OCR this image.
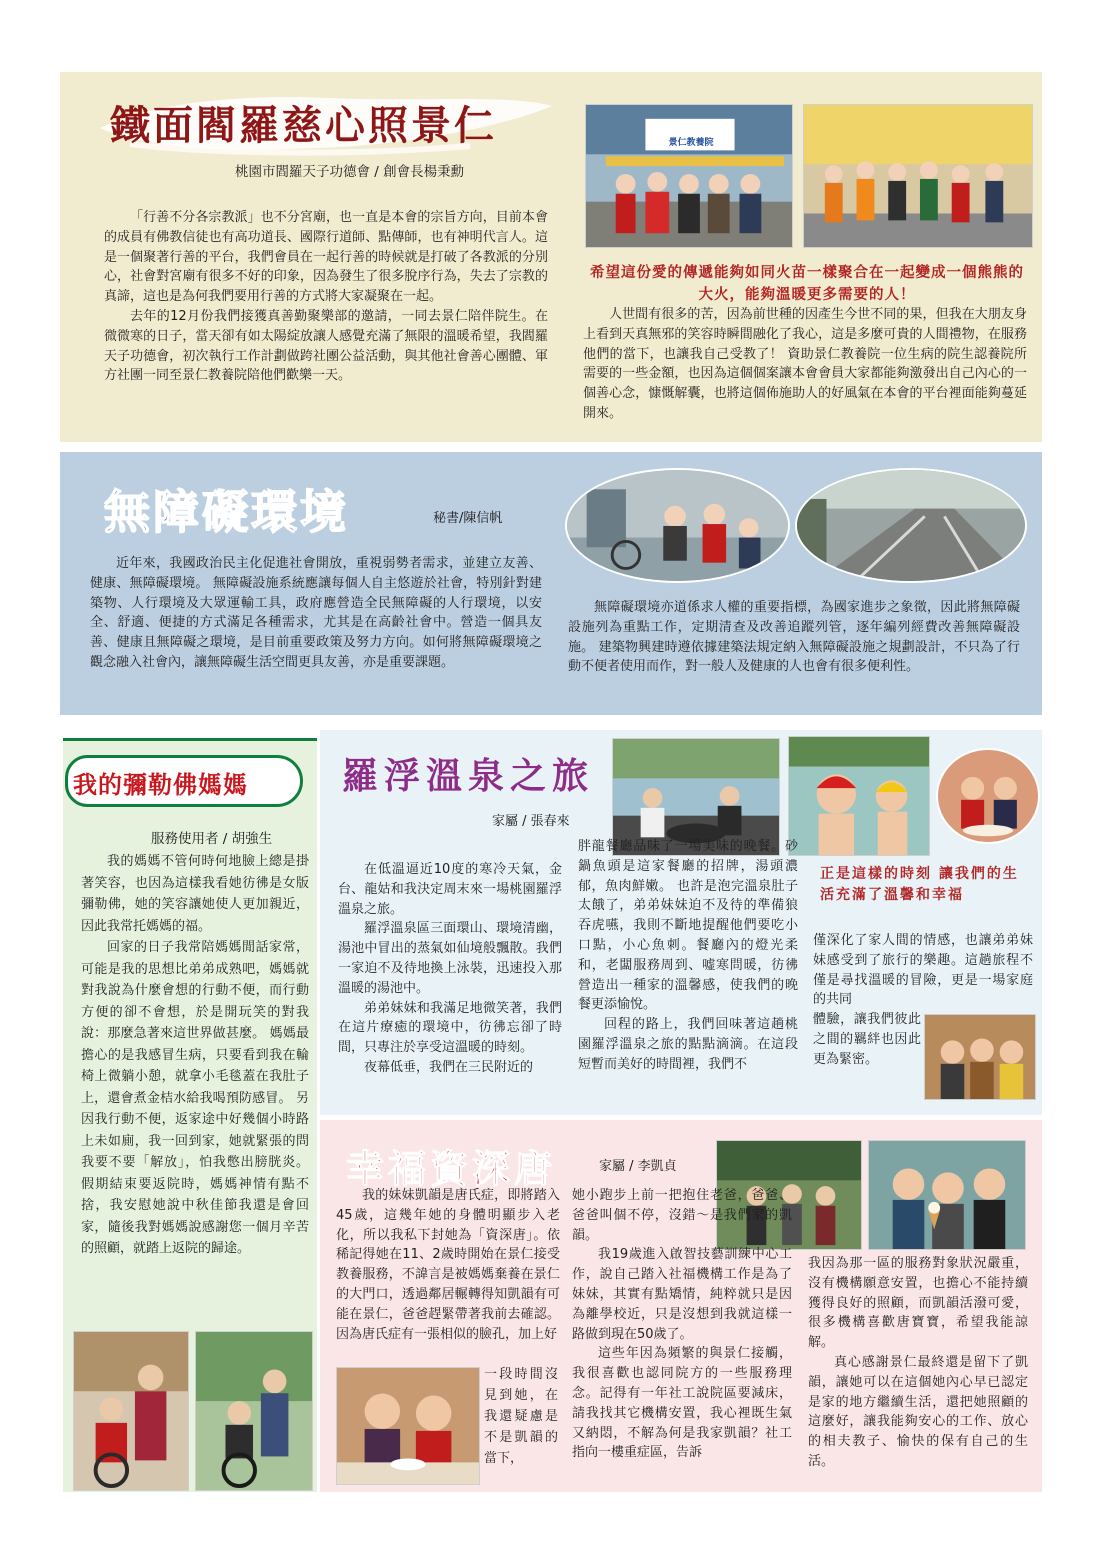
鐵面閻羅慈心照景仁
桃園市閻羅天子功德會 / 創會長楊秉勳

「行善不分各宗教派」也不分宮廟，也一直是本會的宗旨方向，目前本會的成員有佛教信徒也有高功道長、國際行道師、點傳師，也有神明代言人。這是一個聚著行善的平台，我們會員在一起行善的時候就是打破了各教派的分別心，社會對宮廟有很多不好的印象，因為發生了很多脫序行為，失去了宗教的真諦，這也是為何我們要用行善的方式將大家凝聚在一起。

去年的12月份我們接獲真善勤聚樂部的邀請，一同去景仁陪伴院生。在微微寒的日子，當天卻有如太陽綻放讓人感覺充滿了無限的溫暖希望，我閻羅天子功德會，初次執行工作計劃做跨社團公益活動，與其他社會善心團體、軍方社團一同至景仁教養院陪他們歡樂一天。

景仁教養院
希望這份愛的傳遞能夠如同火苗一樣聚合在一起變成一個熊熊的大火，能夠溫暖更多需要的人！

人世間有很多的苦，因為前世種的因產生今世不同的果，但我在大朋友身上看到天真無邪的笑容時瞬間融化了我心，這是多麼可貴的人間禮物，在服務他們的當下，也讓我自己受教了！ 資助景仁教養院一位生病的院生認養院所需要的一些金額，也因為這個個案讓本會會員大家都能夠激發出自己內心的一個善心念，慷慨解囊，也將這個佈施助人的好風氣在本會的平台裡面能夠蔓延開來。

無障礙環境	秘書/陳信帆

近年來，我國政治民主化促進社會開放，重視弱勢者需求，並建立友善、健康、無障礙環境。 無障礙設施系統應讓每個人自主悠遊於社會，特別針對建築物、人行環境及大眾運輸工具，政府應營造全民無障礙的人行環境，以安全、舒適、便捷的方式滿足各種需求，尤其是在高齡社會中。營造一個具友善、健康且無障礙之環境，是目前重要政策及努力方向。如何將無障礙環境之觀念融入社會內，讓無障礙生活空間更具友善，亦是重要課題。

無障礙環境亦道係求人權的重要指標，為國家進步之象徵，因此將無障礙設施列為重點工作，定期清查及改善追蹤列管，逐年編列經費改善無障礙設施。 建築物興建時遵依據建築法規定納入無障礙設施之規劃設計，不只為了行動不便者使用而作，對一般人及健康的人也會有很多便利性。

我的彌勒佛媽媽
服務使用者 / 胡強生

我的媽媽不管何時何地臉上總是掛著笑容，也因為這樣我看她彷彿是女版彌勒佛，她的笑容讓她使人更加親近，因此我常托媽媽的福。

回家的日子我常陪媽媽閒話家常，可能是我的思想比弟弟成熟吧，媽媽就對我說為什麼會想的行動不便，而行動方便的卻不會想，於是開玩笑的對我說：那麼急著來這世界做甚麼。 媽媽最擔心的是我感冒生病，只要看到我在輪椅上微躺小憩，就拿小毛毯蓋在我肚子上，還會煮金桔水給我喝預防感冒。 另因我行動不便，返家途中好幾個小時路上未如廁，我一回到家，她就緊張的問我要不要「解放」，怕我憋出膀胱炎。 假期結束要返院時，媽媽神情有點不捨，我安慰她說中秋佳節我還是會回家，隨後我對媽媽說感謝您一個月辛苦的照顧，就踏上返院的歸途。

羅浮溫泉之旅
家屬 / 張春來

在低溫逼近10度的寒冷天氣，金台、龍姑和我決定周末來一場桃園羅浮溫泉之旅。

羅浮溫泉區三面環山、環境清幽，湯池中冒出的蒸氣如仙境般飄散。我們一家迫不及待地換上泳裝，迅速投入那溫暖的湯池中。

弟弟妹妹和我滿足地微笑著，我們在這片療癒的環境中，彷彿忘卻了時間，只專注於享受這溫暖的時刻。

夜幕低垂，我們在三民附近的

胖龍餐廳品味了一場美味的晚餐。砂鍋魚頭是這家餐廳的招牌，湯頭濃郁，魚肉鮮嫩。 也許是泡完溫泉肚子太餓了，弟弟妹妹迫不及待的準備狼吞虎嚥，我則不斷地提醒他們要吃小口點，小心魚刺。餐廳內的燈光柔和，老闆服務周到、嘘寒問暖，彷彿營造出一種家的溫馨感，使我們的晚餐更添愉悅。

回程的路上，我們回味著這趟桃園羅浮溫泉之旅的點點滴滴。在這段短暫而美好的時間裡，我們不

正是這樣的時刻 讓我們的生活充滿了溫馨和幸福

僅深化了家人間的情感，也讓弟弟妹妹感受到了旅行的樂趣。這趟旅程不僅是尋找溫暖的冒險，更是一場家庭的共同

體驗，讓我們彼此之間的羈絆也因此更為緊密。

幸福資深唐	家屬 / 李凱貞

我的妹妹凱韻是唐氏症，即將踏入45歲，這幾年她的身體明顯步入老化，所以我私下封她為「資深唐」。依稀記得她在11、2歲時開始在景仁接受教養服務，不諱言是被媽媽棄養在景仁的大門口，透過鄰居輾轉得知凱韻有可能在景仁，爸爸趕緊帶著我前去確認。 因為唐氏症有一張相似的臉孔，加上好

一段時間沒見到她，在我還疑慮是不是凱韻的當下，

她小跑步上前一把抱住老爸，爸爸、爸爸叫個不停，沒錯～是我們家的凱韻。

我19歲進入啟智技藝訓練中心工作，說自己踏入社福機構工作是為了妹妹，其實有點矯情，純粹就只是因為離學校近，只是沒想到我就這樣一路做到現在50歲了。

這些年因為頻繁的與景仁接觸，我很喜歡也認同院方的一些服務理念。記得有一年社工說院區要減床，請我找其它機構安置，我心裡既生氣又納悶，不解為何是我家凱韻？社工指向一樓重症區，告訴

我因為那一區的服務對象狀況嚴重，沒有機構願意安置，也擔心不能持續獲得良好的照顧，而凱韻活潑可愛，很多機構喜歡唐寶寶，希望我能諒解。

真心感謝景仁最終還是留下了凱韻，讓她可以在這個她內心早已認定是家的地方繼續生活，還把她照顧的這麼好，讓我能夠安心的工作、放心的相夫教子、愉快的保有自己的生活。
